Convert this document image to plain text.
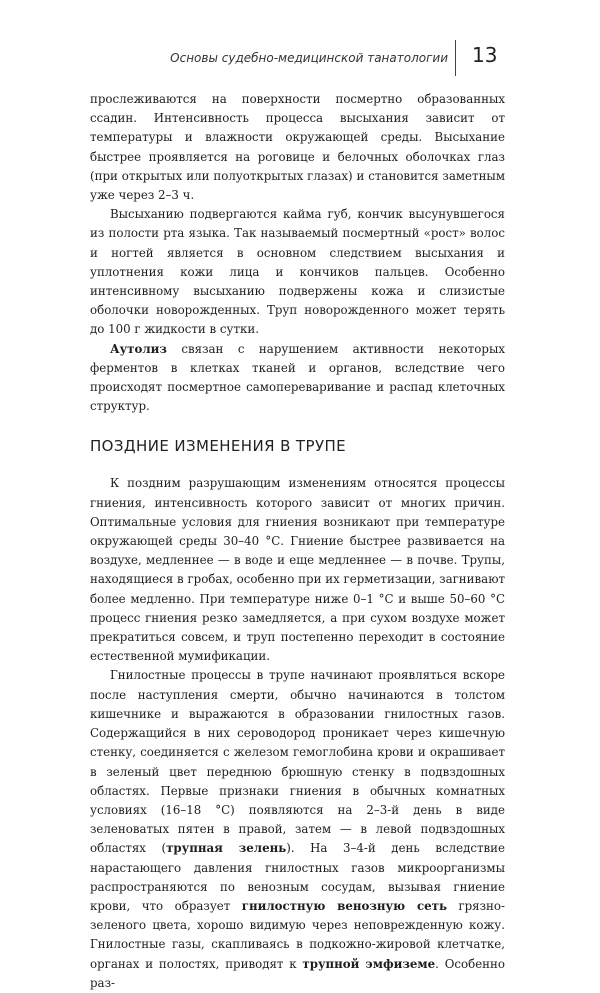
Основы судебно-медицинской танатологии 13

прослеживаются на поверхности посмертно образованных ссадин. Интенсивность процесса высыхания зависит от температуры и влажности окружающей среды. Высыхание быстрее проявляется на роговице и белочных оболочках глаз (при открытых или полуоткрытых глазах) и становится заметным уже через 2–3 ч.

Высыханию подвергаются кайма губ, кончик высунувшегося из полости рта языка. Так называемый посмертный «рост» волос и ногтей является в основном следствием высыхания и уплотнения кожи лица и кончиков пальцев. Особенно интенсивному высыханию подвержены кожа и слизистые оболочки новорожденных. Труп новорожденного может терять до 100 г жидкости в сутки.

Аутолиз связан с нарушением активности некоторых ферментов в клетках тканей и органов, вследствие чего происходят посмертное самопереваривание и распад клеточных структур.

ПОЗДНИЕ ИЗМЕНЕНИЯ В ТРУПЕ

К поздним разрушающим изменениям относятся процессы гниения, интенсивность которого зависит от многих причин. Оптимальные условия для гниения возникают при температуре окружающей среды 30–40 °С. Гниение быстрее развивается на воздухе, медленнее — в воде и еще медленнее — в почве. Трупы, находящиеся в гробах, особенно при их герметизации, загнивают более медленно. При температуре ниже 0–1 °С и выше 50–60 °С процесс гниения резко замедляется, а при сухом воздухе может прекратиться совсем, и труп постепенно переходит в состояние естественной мумификации.

Гнилостные процессы в трупе начинают проявляться вскоре после наступления смерти, обычно начинаются в толстом кишечнике и выражаются в образовании гнилостных газов. Содержащийся в них сероводород проникает через кишечную стенку, соединяется с железом гемоглобина крови и окрашивает в зеленый цвет переднюю брюшную стенку в подвздошных областях. Первые признаки гниения в обычных комнатных условиях (16–18 °С) появляются на 2–3-й день в виде зеленоватых пятен в правой, затем — в левой подвздошных областях (трупная зелень). На 3–4-й день вследствие нарастающего давления гнилостных газов микроорганизмы распространяются по венозным сосудам, вызывая гниение крови, что образует гнилостную венозную сеть грязно-зеленого цвета, хорошо видимую через неповрежденную кожу. Гнилостные газы, скапливаясь в подкожно-жировой клетчатке, органах и полостях, приводят к трупной эмфиземе. Особенно раз-
